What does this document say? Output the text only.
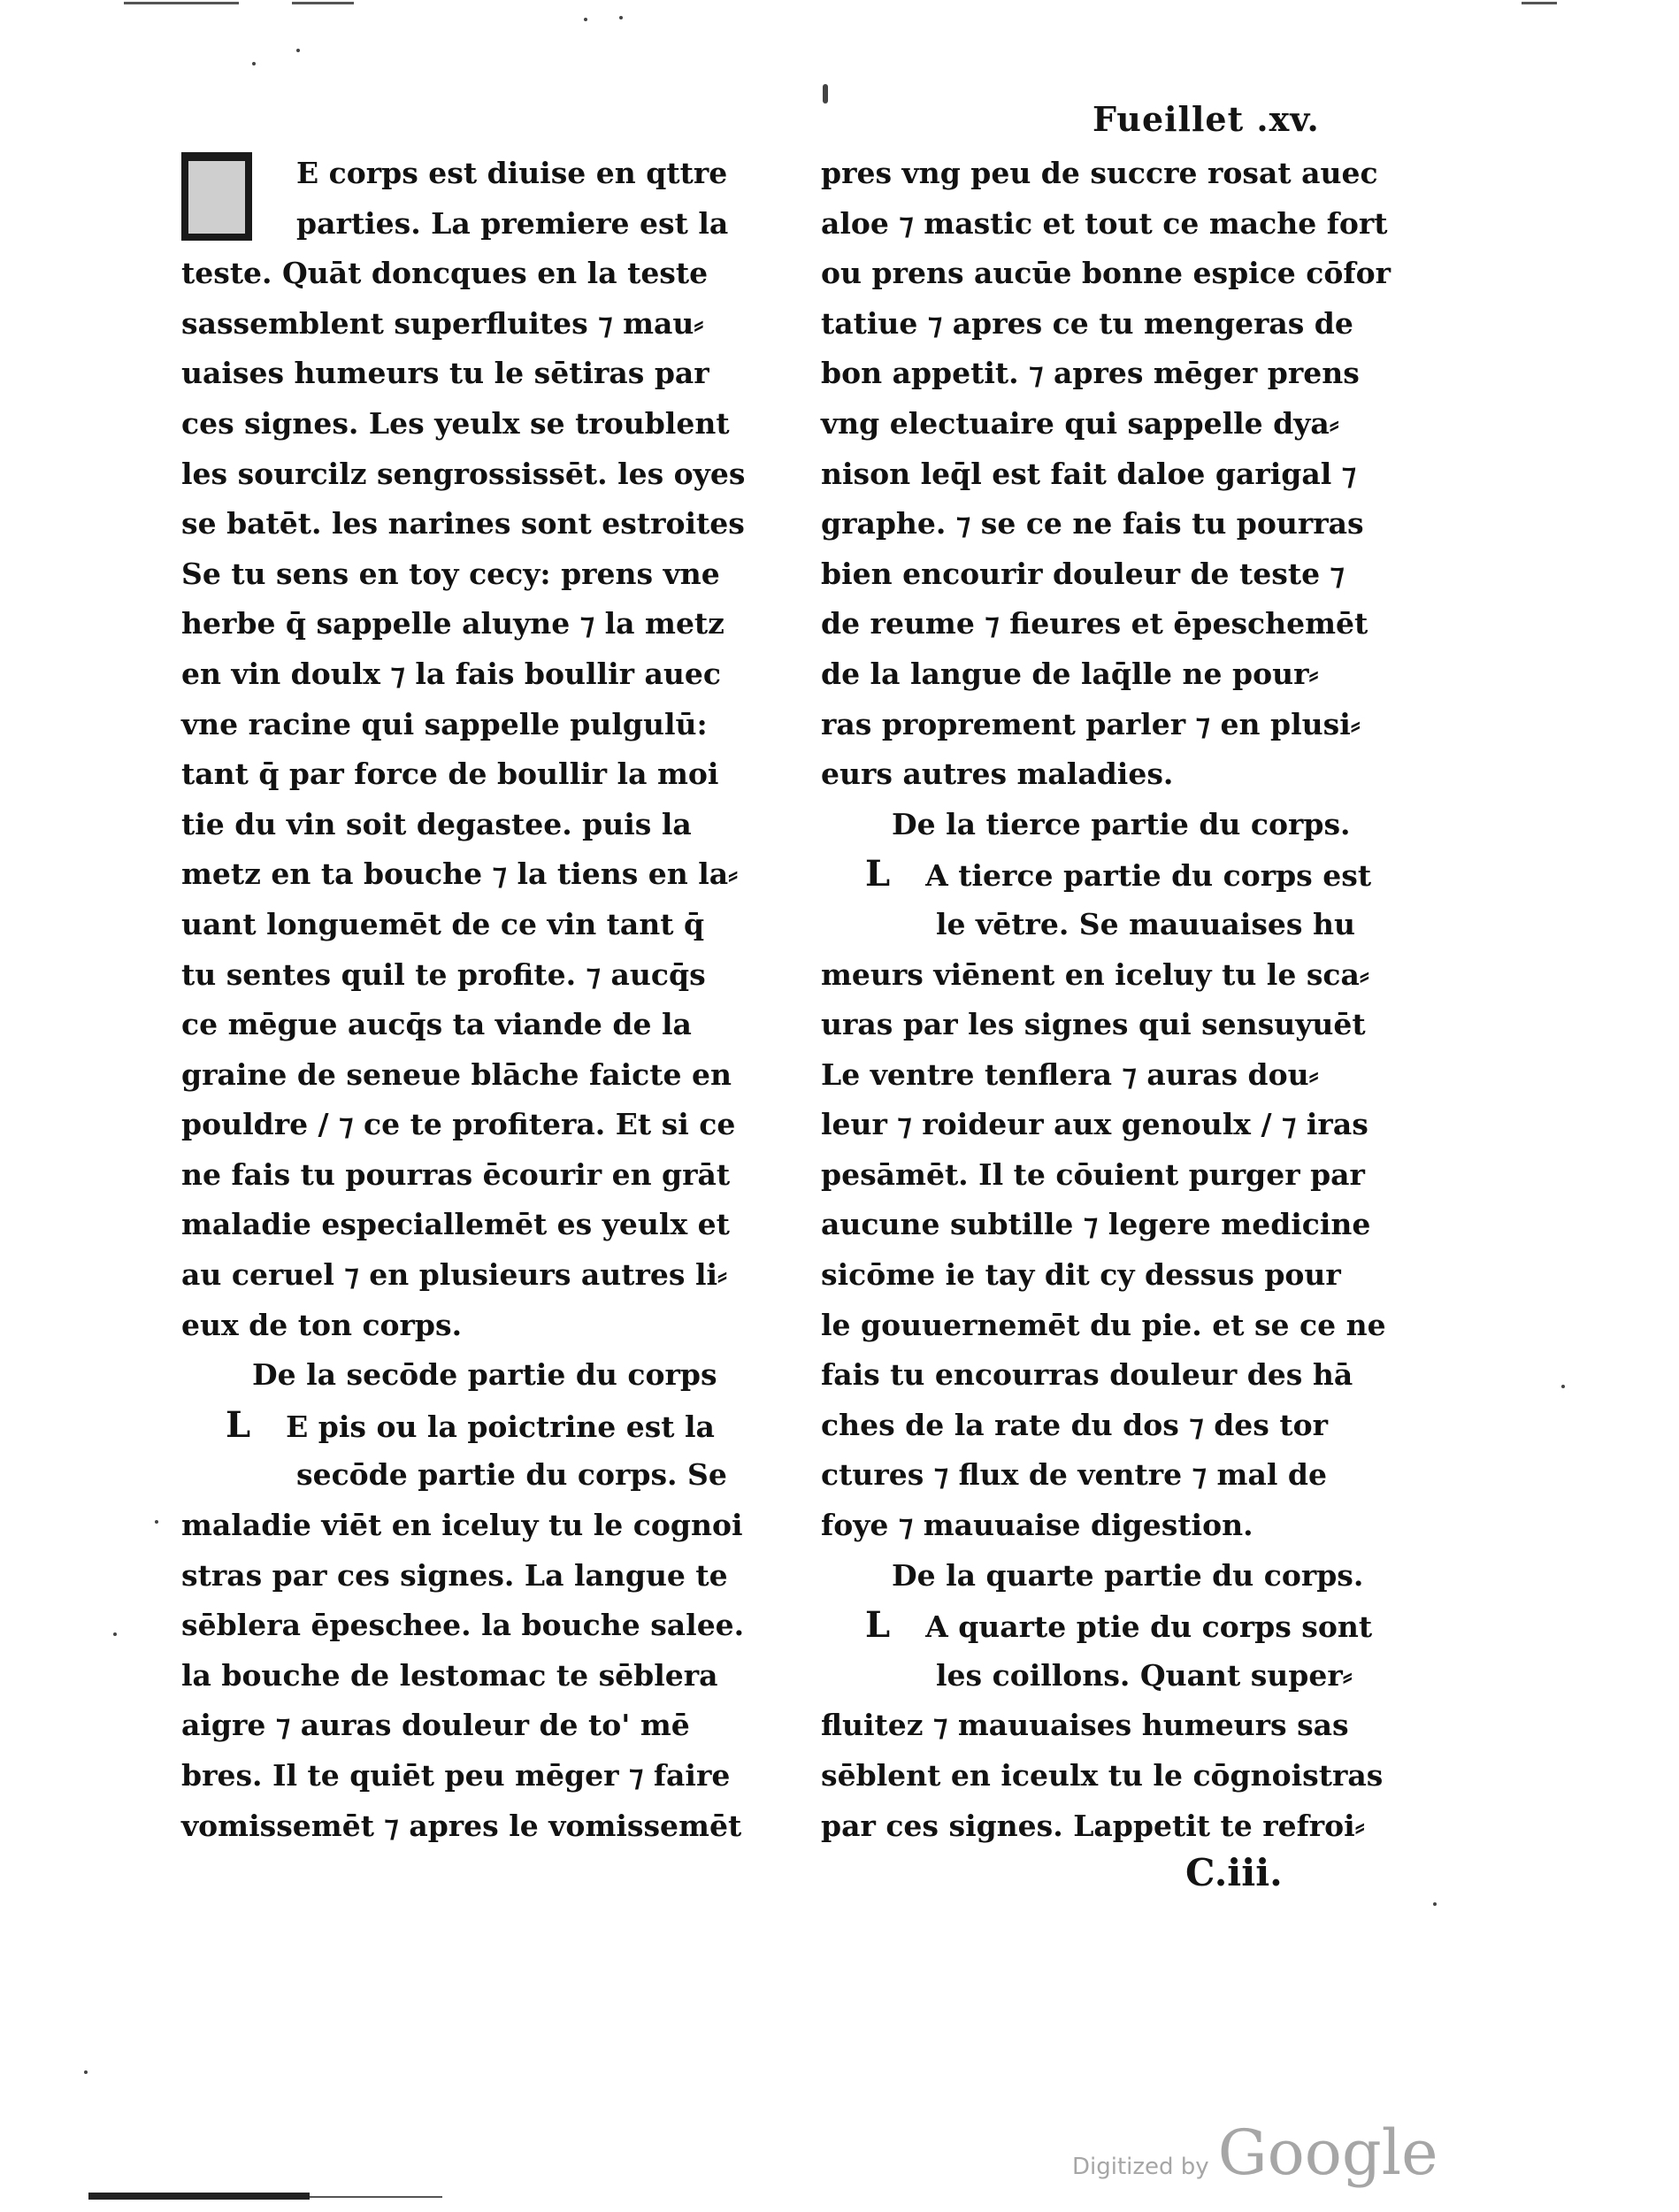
Fueillet .xv.
E corps est diuise en qttre
parties. La premiere est la
teste. Quāt doncques en la teste
sassemblent superfluites ⁊ mau⸗
uaises humeurs tu le sētiras par
ces signes. Les yeulx se troublent
les sourcilz sengrossissēt. les oyes
se batēt. les narines sont estroites
Se tu sens en toy cecy: prens vne
herbe q̄ sappelle aluyne ⁊ la metz
en vin doulx ⁊ la fais boullir auec
vne racine qui sappelle pulgulū:
tant q̄ par force de boullir la moi
tie du vin soit degastee. puis la
metz en ta bouche ⁊ la tiens en la⸗
uant longuemēt de ce vin tant q̄
tu sentes quil te profite. ⁊ aucq̄s
ce mēgue aucq̄s ta viande de la
graine de seneue blāche faicte en
pouldre / ⁊ ce te profitera. Et si ce
ne fais tu pourras ēcourir en grāt
maladie especiallemēt es yeulx et
au ceruel ⁊ en plusieurs autres li⸗
eux de ton corps.
De la secōde partie du corps
L E pis ou la poictrine est la
secōde partie du corps. Se
maladie viēt en iceluy tu le cognoi
stras par ces signes. La langue te
sēblera ēpeschee. la bouche salee.
la bouche de lestomac te sēblera
aigre ⁊ auras douleur de to' mē
bres. Il te quiēt peu mēger ⁊ faire
vomissemēt ⁊ apres le vomissemēt
pres vng peu de succre rosat auec
aloe ⁊ mastic et tout ce mache fort
ou prens aucūe bonne espice cōfor
tatiue ⁊ apres ce tu mengeras de
bon appetit. ⁊ apres mēger prens
vng electuaire qui sappelle dya⸗
nison leq̄l est fait daloe garigal ⁊
graphe. ⁊ se ce ne fais tu pourras
bien encourir douleur de teste ⁊
de reume ⁊ fieures et ēpeschemēt
de la langue de laq̄lle ne pour⸗
ras proprement parler ⁊ en plusi⸗
eurs autres maladies.
De la tierce partie du corps.
L A tierce partie du corps est
le vētre. Se mauuaises hu
meurs viēnent en iceluy tu le sca⸗
uras par les signes qui sensuyuēt
Le ventre tenflera ⁊ auras dou⸗
leur ⁊ roideur aux genoulx / ⁊ iras
pesāmēt. Il te cōuient purger par
aucune subtille ⁊ legere medicine
sicōme ie tay dit cy dessus pour
le gouuernemēt du pie. et se ce ne
fais tu encourras douleur des hā
ches de la rate du dos ⁊ des tor
ctures ⁊ flux de ventre ⁊ mal de
foye ⁊ mauuaise digestion.
De la quarte partie du corps.
L A quarte ptie du corps sont
les coillons. Quant super⸗
fluitez ⁊ mauuaises humeurs sas
sēblent en iceulx tu le cōgnoistras
par ces signes. Lappetit te refroi⸗
C.iii.
Digitized by Google
